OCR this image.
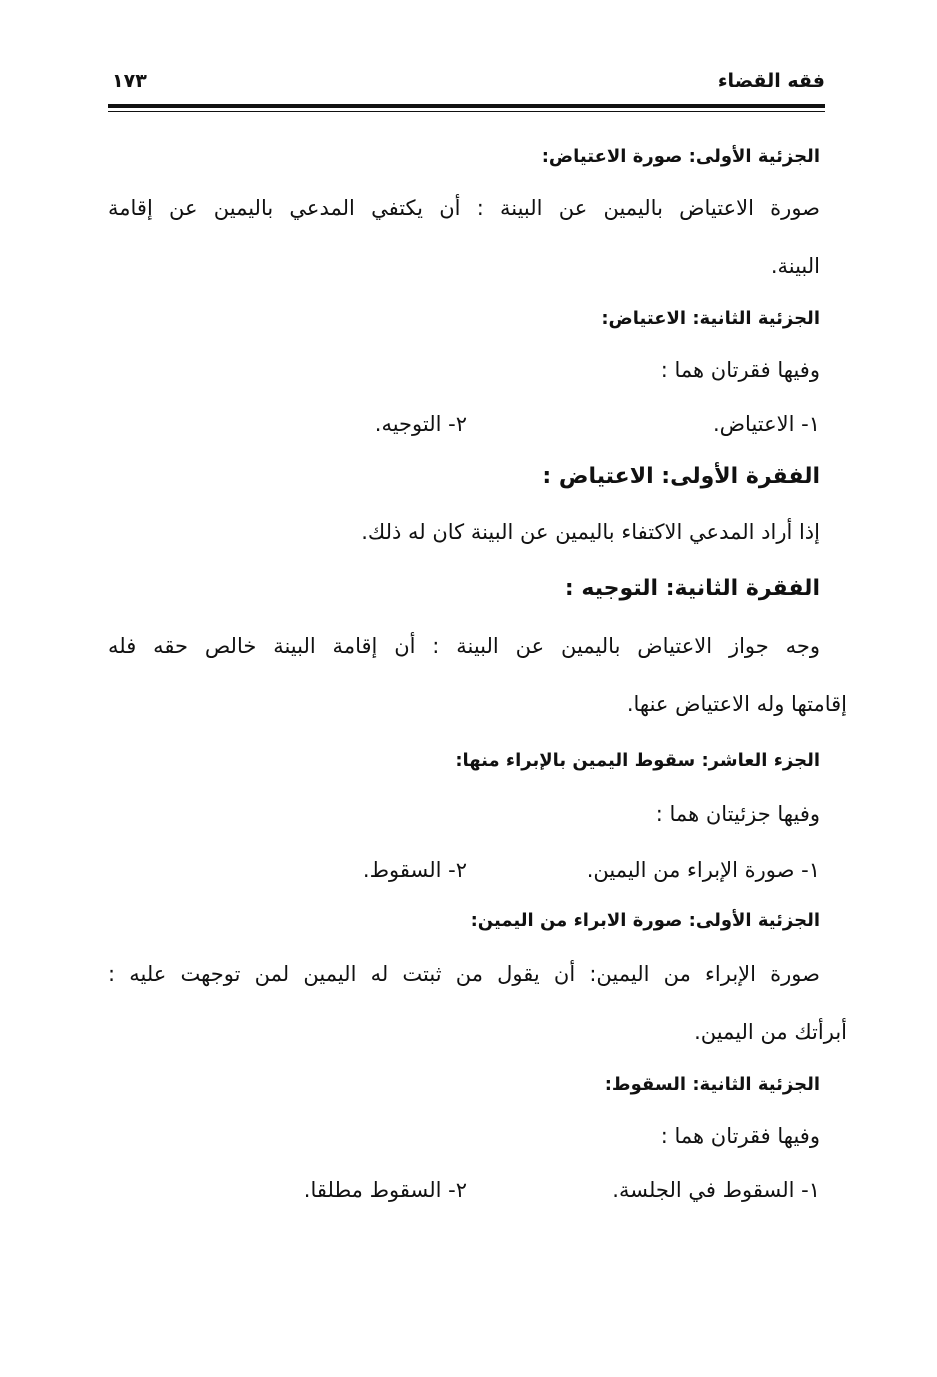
فقه القضاء
١٧٣
الجزئية الأولى: صورة الاعتياض:
صورة الاعتياض باليمين عن البينة : أن يكتفي المدعي باليمين عن إقامة
البينة.
الجزئية الثانية: الاعتياض:
وفيها فقرتان هما :
١- الاعتياض.
٢- التوجيه.
الفقرة الأولى: الاعتياض :
إذا أراد المدعي الاكتفاء باليمين عن البينة كان له ذلك.
الفقرة الثانية: التوجيه :
وجه جواز الاعتياض باليمين عن البينة : أن إقامة البينة خالص حقه فله
إقامتها وله الاعتياض عنها.
الجزء العاشر: سقوط اليمين بالإبراء منها:
وفيها جزئيتان هما :
١- صورة الإبراء من اليمين.
٢- السقوط.
الجزئية الأولى: صورة الابراء من اليمين:
صورة الإبراء من اليمين: أن يقول من ثبتت له اليمين لمن توجهت عليه :
أبرأتك من اليمين.
الجزئية الثانية: السقوط:
وفيها فقرتان هما :
١- السقوط في الجلسة.
٢- السقوط مطلقا.
